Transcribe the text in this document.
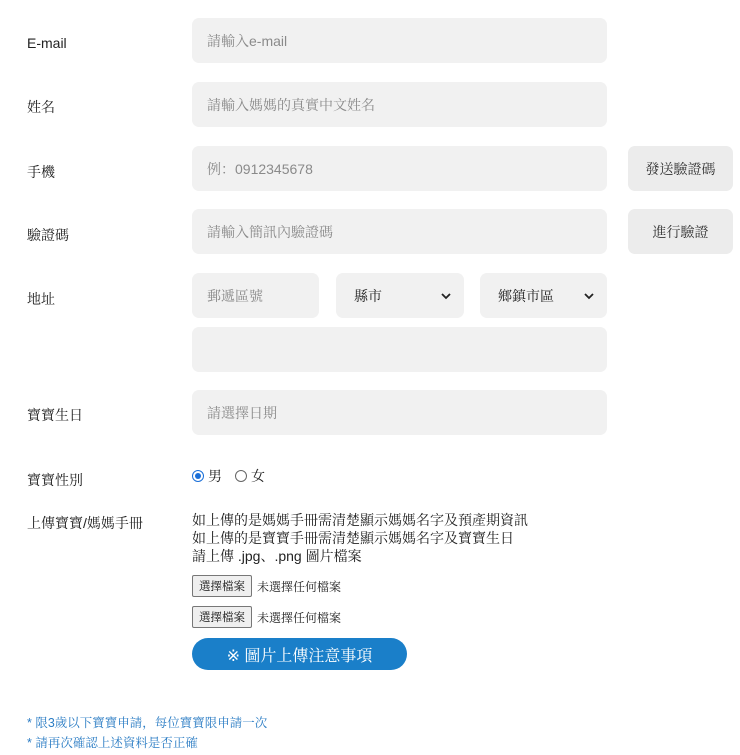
E-mail	請輸入e-mail
姓名	請輸入媽媽的真實中文姓名
手機	例：0912345678	發送驗證碼
驗證碼	請輸入簡訊內驗證碼	進行驗證
地址	郵遞區號	縣市	鄉鎮市區
寶寶生日	請選擇日期
寶寶性別	男 女
上傳寶寶/媽媽手冊	如上傳的是媽媽手冊需清楚顯示媽媽名字及預產期資訊
如上傳的是寶寶手冊需清楚顯示媽媽名字及寶寶生日
請上傳 .jpg、.png 圖片檔案
選擇檔案	未選擇任何檔案
選擇檔案	未選擇任何檔案
※ 圖片上傳注意事項
* 限3歲以下寶寶申請，每位寶寶限申請一次
* 請再次確認上述資料是否正確
